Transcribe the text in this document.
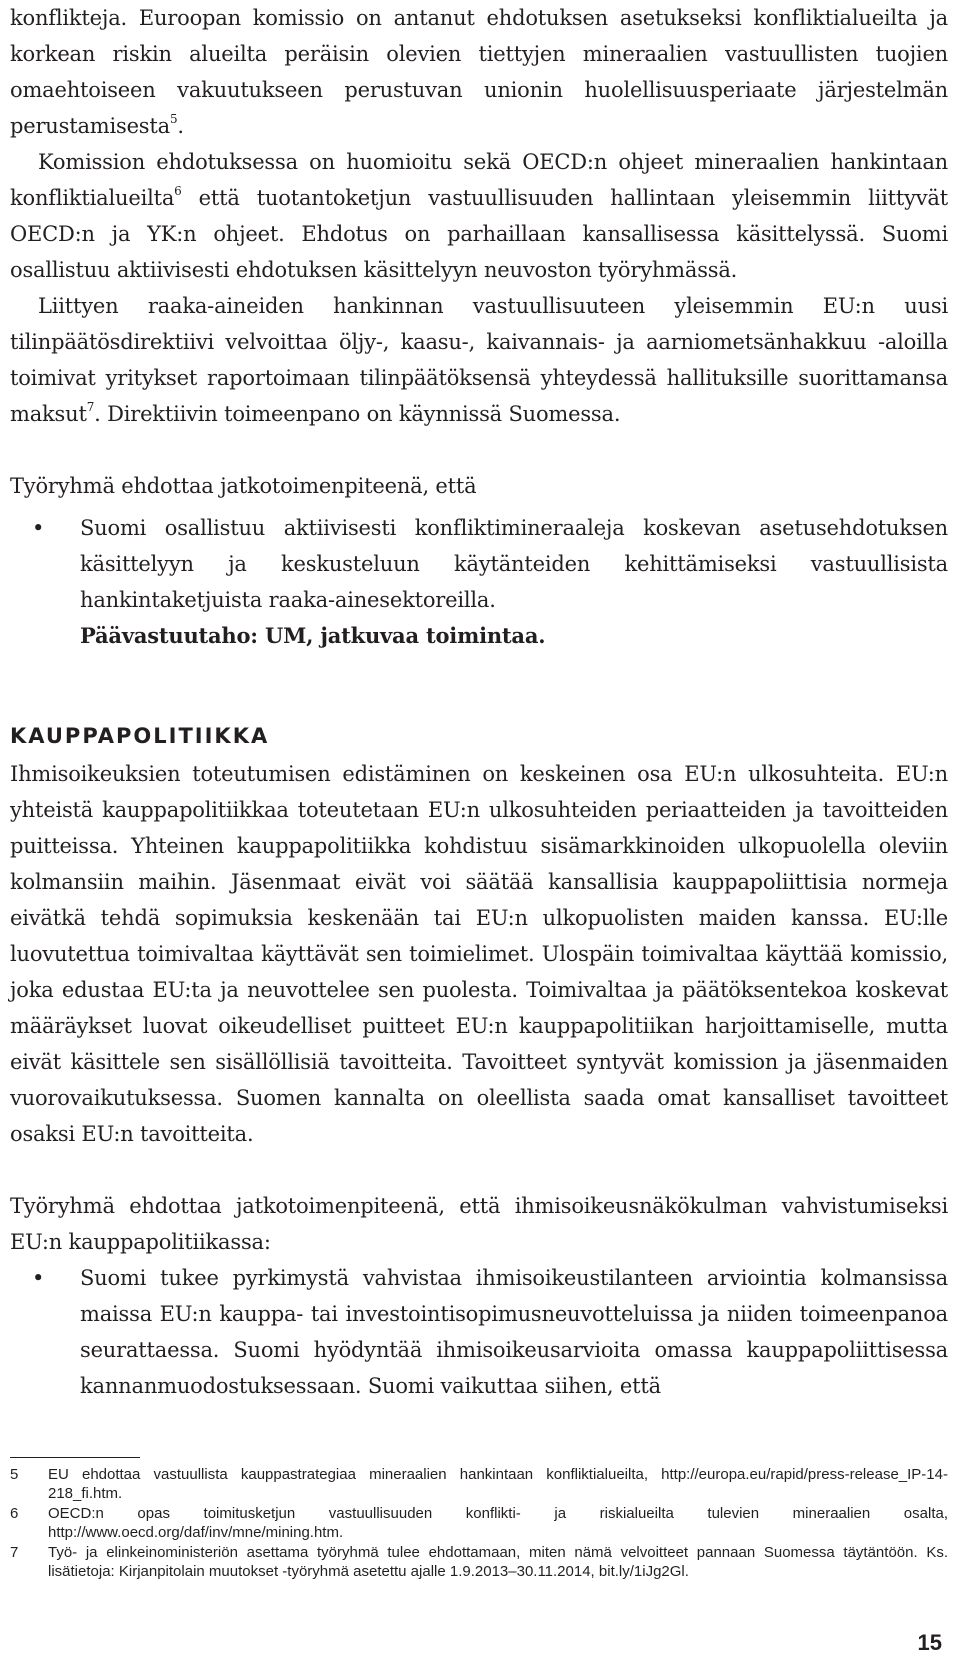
konflikteja. Euroopan komissio on antanut ehdotuksen asetukseksi konfliktialueilta ja korkean riskin alueilta peräisin olevien tiettyjen mineraalien vastuullisten tuojien omaehtoiseen vakuutukseen perustuvan unionin huolellisuusperiaate järjestelmän perustamisesta$^5$.

Komission ehdotuksessa on huomioitu sekä OECD:n ohjeet mineraalien hankintaan konfliktialueilta$^6$ että tuotantoketjun vastuullisuuden hallintaan yleisemmin liittyvät OECD:n ja YK:n ohjeet. Ehdotus on parhaillaan kansallisessa käsittelyssä. Suomi osallistuu aktiivisesti ehdotuksen käsittelyyn neuvoston työryhmässä.

Liittyen raaka-aineiden hankinnan vastuullisuuteen yleisemmin EU:n uusi tilinpäätösdirektiivi velvoittaa öljy-, kaasu-, kaivannais- ja aarniometsänhakkuu -aloilla toimivat yritykset raportoimaan tilinpäätöksensä yhteydessä hallituksille suorittamansa maksut$^7$. Direktiivin toimeenpano on käynnissä Suomessa.

Työryhmä ehdottaa jatkotoimenpiteenä, että

• Suomi osallistuu aktiivisesti konfliktimineraaleja koskevan asetusehdotuksen käsittelyyn ja keskusteluun käytänteiden kehittämiseksi vastuullisista hankintaketjuista raaka-ainesektoreilla.
Päävastuutaho: UM, jatkuvaa toimintaa.
KAUPPAPOLITIIKKA

Ihmisoikeuksien toteutumisen edistäminen on keskeinen osa EU:n ulkosuhteita. EU:n yhteistä kauppapolitiikkaa toteutetaan EU:n ulkosuhteiden periaatteiden ja tavoitteiden puitteissa. Yhteinen kauppapolitiikka kohdistuu sisämarkkinoiden ulkopuolella oleviin kolmansiin maihin. Jäsenmaat eivät voi säätää kansallisia kauppapoliittisia normeja eivätkä tehdä sopimuksia keskenään tai EU:n ulkopuolisten maiden kanssa. EU:lle luovutettua toimivaltaa käyttävät sen toimielimet. Ulospäin toimivaltaa käyttää komissio, joka edustaa EU:ta ja neuvottelee sen puolesta. Toimivaltaa ja päätöksentekoa koskevat määräykset luovat oikeudelliset puitteet EU:n kauppapolitiikan harjoittamiselle, mutta eivät käsittele sen sisällöllisiä tavoitteita. Tavoitteet syntyvät komission ja jäsenmaiden vuorovaikutuksessa. Suomen kannalta on oleellista saada omat kansalliset tavoitteet osaksi EU:n tavoitteita.

Työryhmä ehdottaa jatkotoimenpiteenä, että ihmisoikeusnäkökulman vahvistumiseksi EU:n kauppapolitiikassa:

• Suomi tukee pyrkimystä vahvistaa ihmisoikeustilanteen arviointia kolmansissa maissa EU:n kauppa- tai investointisopimusneuvotteluissa ja niiden toimeenpanoa seurattaessa. Suomi hyödyntää ihmisoikeusarvioita omassa kauppapoliittisessa kannanmuodostuksessaan. Suomi vaikuttaa siihen, että
5 EU ehdottaa vastuullista kauppastrategiaa mineraalien hankintaan konfliktialueilta, http://europa.eu/rapid/press-release_IP-14-218_fi.htm.
6 OECD:n opas toimitusketjun vastuullisuuden konflikti- ja riskialueilta tulevien mineraalien osalta, http://www.oecd.org/daf/inv/mne/mining.htm.
7 Työ- ja elinkeinoministeriön asettama työryhmä tulee ehdottamaan, miten nämä velvoitteet pannaan Suomessa täytäntöön. Ks. lisätietoja: Kirjanpitolain muutokset -työryhmä asetettu ajalle 1.9.2013–30.11.2014, bit.ly/1iJg2Gl.
15
